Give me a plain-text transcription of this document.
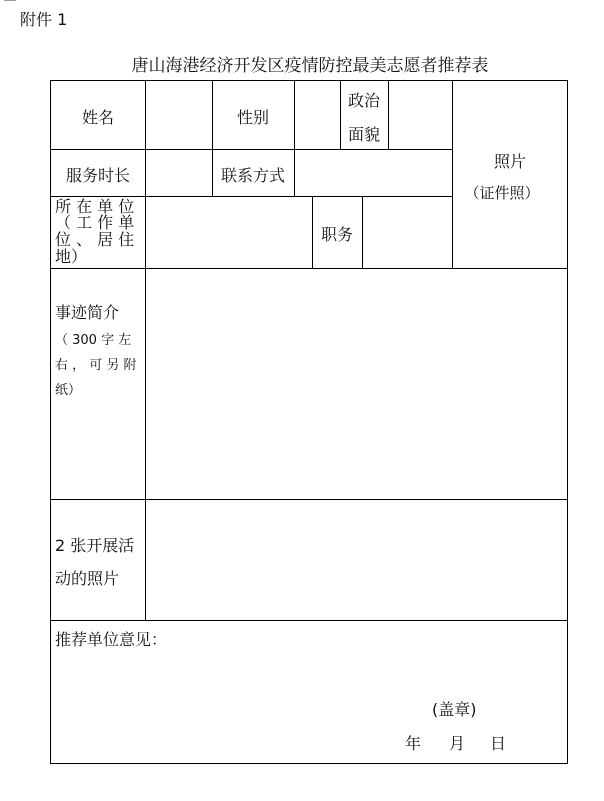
附件 1
唐山海港经济开发区疫情防控最美志愿者推荐表
姓名	性别
政治
面貌
照片
（证件照）
服务时长	联系方式
所 在 单 位
（ 工 作 单
位 、 居 住
地）
职务
事迹简介
（ 300 字 左
右 ， 可 另 附
纸）
2 张开展活
动的照片
推荐单位意见：
(盖章)
年 月 日
